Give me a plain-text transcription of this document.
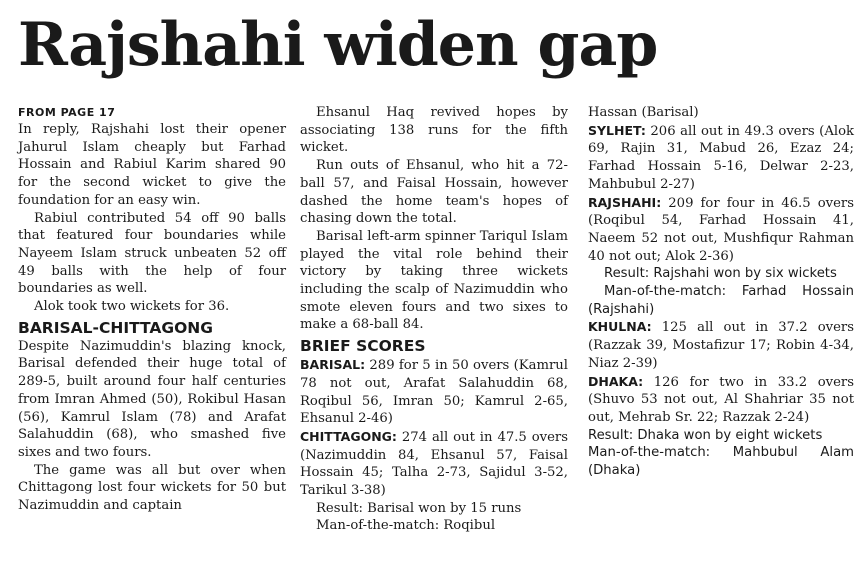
Rajshahi widen gap
FROM PAGE 17

In reply, Rajshahi lost their opener Jahurul Islam cheaply but Farhad Hossain and Rabiul Karim shared 90 for the second wicket to give the foundation for an easy win.

Rabiul contributed 54 off 90 balls that featured four boundaries while Nayeem Islam struck unbeaten 52 off 49 balls with the help of four boundaries as well.

Alok took two wickets for 36.

BARISAL-CHITTAGONG

Despite Nazimuddin's blazing knock, Barisal defended their huge total of 289-5, built around four half centuries from Imran Ahmed (50), Rokibul Hasan (56), Kamrul Islam (78) and Arafat Salahuddin (68), who smashed five sixes and two fours.

The game was all but over when Chittagong lost four wickets for 50 but Nazimuddin and captain

Ehsanul Haq revived hopes by associating 138 runs for the fifth wicket.

Run outs of Ehsanul, who hit a 72-ball 57, and Faisal Hossain, however dashed the home team's hopes of chasing down the total.

Barisal left-arm spinner Tariqul Islam played the vital role behind their victory by taking three wickets including the scalp of Nazimuddin who smote eleven fours and two sixes to make a 68-ball 84.

BRIEF SCORES

BARISAL: 289 for 5 in 50 overs (Kamrul 78 not out, Arafat Salahuddin 68, Roqibul 56, Imran 50; Kamrul 2-65, Ehsanul 2-46)

CHITTAGONG: 274 all out in 47.5 overs (Nazimuddin 84, Ehsanul 57, Faisal Hossain 45; Talha 2-73, Sajidul 3-52, Tarikul 3-38)

Result: Barisal won by 15 runs

Man-of-the-match: Roqibul

Hassan (Barisal)

SYLHET: 206 all out in 49.3 overs (Alok 69, Rajin 31, Mabud 26, Ezaz 24; Farhad Hossain 5-16, Delwar 2-23, Mahbubul 2-27)

RAJSHAHI: 209 for four in 46.5 overs (Roqibul 54, Farhad Hossain 41, Naeem 52 not out, Mushfiqur Rahman 40 not out; Alok 2-36)

Result: Rajshahi won by six wickets

Man-of-the-match: Farhad Hossain (Rajshahi)

KHULNA: 125 all out in 37.2 overs (Razzak 39, Mostafizur 17; Robin 4-34, Niaz 2-39)

DHAKA: 126 for two in 33.2 overs (Shuvo 53 not out, Al Shahriar 35 not out, Mehrab Sr. 22; Razzak 2-24)

Result: Dhaka won by eight wickets

Man-of-the-match: Mahbubul Alam (Dhaka)
